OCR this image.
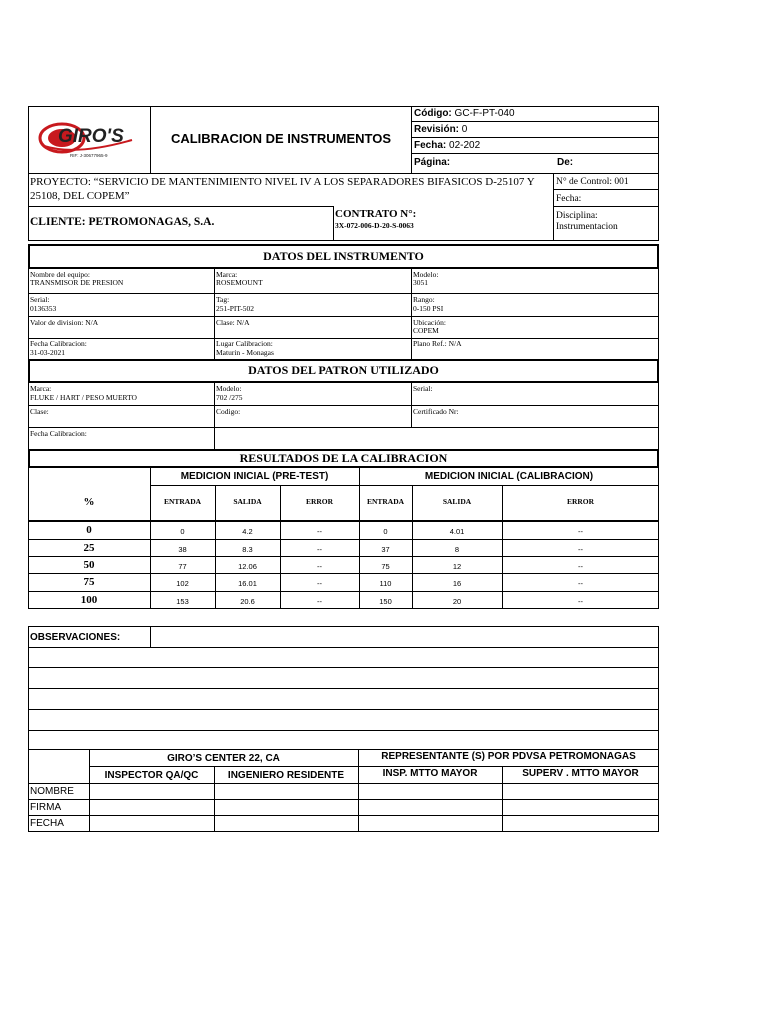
GIRO'S
RIF: J-30677965-9
CALIBRACION DE INSTRUMENTOS
Código: GC-F-PT-040
Revisión: 0
Fecha: 02-202
Página:	De:
PROYECTO: “SERVICIO DE MANTENIMIENTO NIVEL IV A LOS SEPARADORES BIFASICOS D-25107 Y
25108, DEL COPEM”
N° de Control: 001
Fecha:
CLIENTE: PETROMONAGAS, S.A.
CONTRATO N°:
3X-072-006-D-20-S-0063
Disciplina:
Instrumentacion
DATOS DEL INSTRUMENTO
Nombre del equipo:
TRANSMISOR DE PRESION
Marca:
ROSEMOUNT
Modelo:
3051
Serial:
0136353
Tag:
251-PIT-502
Rango:
0-150 PSI
Valor de division: N/A	Clase: N/A	Ubicación:
COPEM
Fecha Calibracion:
31-03-2021
Lugar Calibracion:
Maturin - Monagas
Plano Ref.: N/A
DATOS DEL PATRON UTILIZADO
Marca:
FLUKE / HART / PESO MUERTO
Modelo:
702 /275
Serial:
Clase:	Codigo:	Certificado Nr:
Fecha Calibracion:
RESULTADOS DE LA CALIBRACION
MEDICION INICIAL (PRE-TEST)	MEDICION INICIAL (CALIBRACION)
%	ENTRADA	SALIDA	ERROR	ENTRADA	SALIDA	ERROR
0	0	4.2	--	0	4.01	--
25	38	8.3	--	37	8	--
50	77	12.06	--	75	12	--
75	102	16.01	--	110	16	--
100	153	20.6	--	150	20	--
OBSERVACIONES:
GIRO’S CENTER 22, CA	REPRESENTANTE (S) POR PDVSA PETROMONAGAS
INSPECTOR QA/QC	INGENIERO RESIDENTE	INSP. MTTO MAYOR	SUPERV . MTTO MAYOR
NOMBRE
FIRMA
FECHA
